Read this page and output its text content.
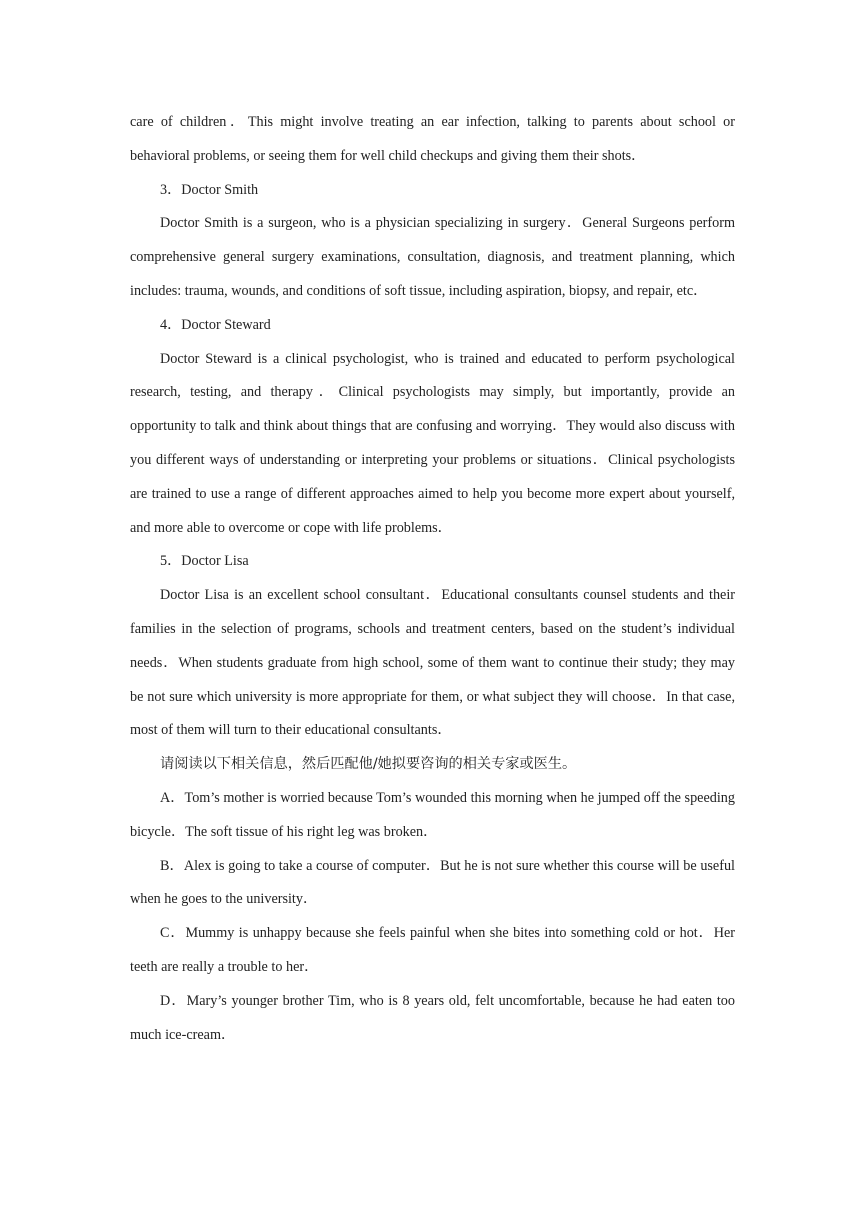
care of children．This might involve treating an ear infection, talking to parents about school or behavioral problems, or seeing them for well child checkups and giving them their shots．

3．Doctor Smith

Doctor Smith is a surgeon, who is a physician specializing in surgery．General Surgeons perform comprehensive general surgery examinations, consultation, diagnosis, and treatment planning, which includes: trauma, wounds, and conditions of soft tissue, including aspiration, biopsy, and repair, etc．

4．Doctor Steward

Doctor Steward is a clinical psychologist, who is trained and educated to perform psychological research, testing, and therapy．Clinical psychologists may simply, but importantly, provide an opportunity to talk and think about things that are confusing and worrying．They would also discuss with you different ways of understanding or interpreting your problems or situations．Clinical psychologists are trained to use a range of different approaches aimed to help you become more expert about yourself, and more able to overcome or cope with life problems．

5．Doctor Lisa

Doctor Lisa is an excellent school consultant．Educational consultants counsel students and their families in the selection of programs, schools and treatment centers, based on the student’s individual needs．When students graduate from high school, some of them want to continue their study; they may be not sure which university is more appropriate for them, or what subject they will choose．In that case, most of them will turn to their educational consultants．

请阅读以下相关信息，然后匹配他/她拟要咨询的相关专家或医生。

A．Tom’s mother is worried because Tom’s wounded this morning when he jumped off the speeding bicycle．The soft tissue of his right leg was broken．

B．Alex is going to take a course of computer．But he is not sure whether this course will be useful when he goes to the university．

C．Mummy is unhappy because she feels painful when she bites into something cold or hot．Her teeth are really a trouble to her．

D．Mary’s younger brother Tim, who is 8 years old, felt uncomfortable, because he had eaten too much ice-cream．
